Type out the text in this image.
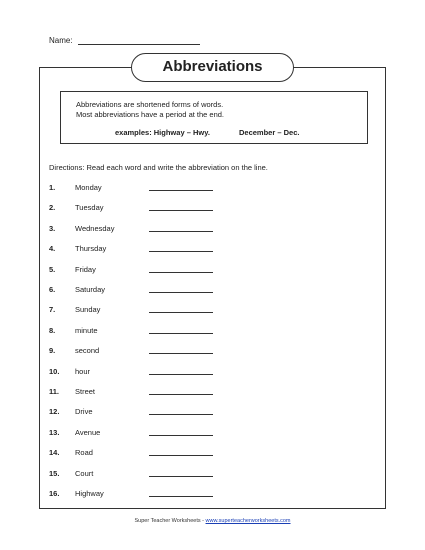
Name:
Abbreviations
Abbreviations are shortened forms of words.
Most abbreviations have a period at the end.
examples: Highway – Hwy.	December – Dec.
Directions: Read each word and write the abbreviation on the line.
1.	Monday
2.	Tuesday
3.	Wednesday
4.	Thursday
5.	Friday
6.	Saturday
7.	Sunday
8.	minute
9.	second
10. hour
11. Street
12. Drive
13. Avenue
14. Road
15. Court
16. Highway
Super Teacher Worksheets - www.superteacherworksheets.com
